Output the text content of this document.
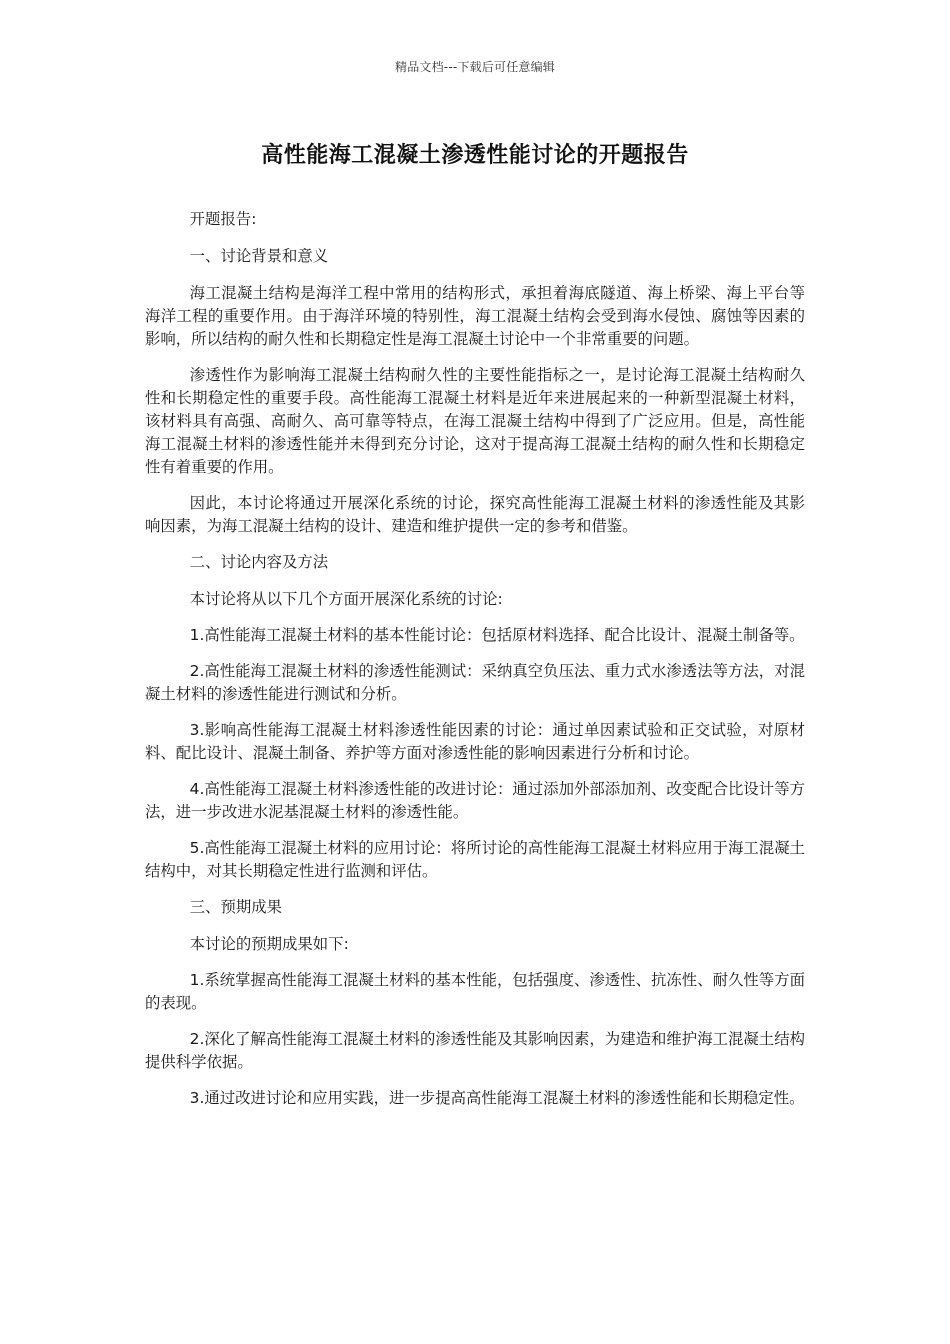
精品文档---下载后可任意编辑
高性能海工混凝土渗透性能讨论的开题报告

开题报告:

一、讨论背景和意义

海工混凝土结构是海洋工程中常用的结构形式，承担着海底隧道、海上桥梁、海上平台等海洋工程的重要作用。由于海洋环境的特别性，海工混凝土结构会受到海水侵蚀、腐蚀等因素的影响，所以结构的耐久性和长期稳定性是海工混凝土讨论中一个非常重要的问题。

渗透性作为影响海工混凝土结构耐久性的主要性能指标之一，是讨论海工混凝土结构耐久性和长期稳定性的重要手段。高性能海工混凝土材料是近年来进展起来的一种新型混凝土材料，该材料具有高强、高耐久、高可靠等特点，在海工混凝土结构中得到了广泛应用。但是，高性能海工混凝土材料的渗透性能并未得到充分讨论，这对于提高海工混凝土结构的耐久性和长期稳定性有着重要的作用。

因此，本讨论将通过开展深化系统的讨论，探究高性能海工混凝土材料的渗透性能及其影响因素，为海工混凝土结构的设计、建造和维护提供一定的参考和借鉴。

二、讨论内容及方法

本讨论将从以下几个方面开展深化系统的讨论:

1.高性能海工混凝土材料的基本性能讨论：包括原材料选择、配合比设计、混凝土制备等。

2.高性能海工混凝土材料的渗透性能测试：采纳真空负压法、重力式水渗透法等方法，对混凝土材料的渗透性能进行测试和分析。

3.影响高性能海工混凝土材料渗透性能因素的讨论：通过单因素试验和正交试验，对原材料、配比设计、混凝土制备、养护等方面对渗透性能的影响因素进行分析和讨论。

4.高性能海工混凝土材料渗透性能的改进讨论：通过添加外部添加剂、改变配合比设计等方法，进一步改进水泥基混凝土材料的渗透性能。

5.高性能海工混凝土材料的应用讨论：将所讨论的高性能海工混凝土材料应用于海工混凝土结构中，对其长期稳定性进行监测和评估。

三、预期成果

本讨论的预期成果如下:

1.系统掌握高性能海工混凝土材料的基本性能，包括强度、渗透性、抗冻性、耐久性等方面的表现。

2.深化了解高性能海工混凝土材料的渗透性能及其影响因素，为建造和维护海工混凝土结构提供科学依据。

3.通过改进讨论和应用实践，进一步提高高性能海工混凝土材料的渗透性能和长期稳定性。
